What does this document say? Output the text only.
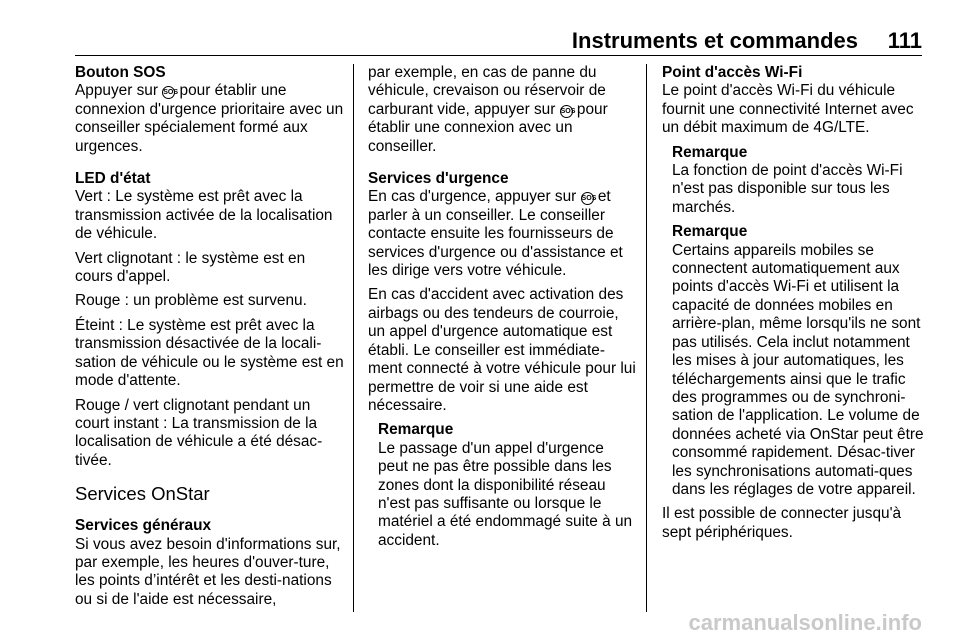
Instruments et commandes 111
Bouton SOS
Appuyer sur SOS pour établir une connexion d'urgence prioritaire avec un conseiller spécialement formé aux urgences.
LED d'état
Vert : Le système est prêt avec la transmission activée de la localisation de véhicule.
Vert clignotant : le système est en cours d'appel.
Rouge : un problème est survenu.
Éteint : Le système est prêt avec la transmission désactivée de la locali-sation de véhicule ou le système est en mode d'attente.
Rouge / vert clignotant pendant un court instant : La transmission de la localisation de véhicule a été désac-tivée.
Services OnStar
Services généraux
Si vous avez besoin d'informations sur, par exemple, les heures d'ouver-ture, les points d’intérêt et les desti-nations ou si de l'aide est nécessaire,
par exemple, en cas de panne du véhicule, crevaison ou réservoir de carburant vide, appuyer sur SOS pour établir une connexion avec un conseiller.
Services d'urgence
En cas d'urgence, appuyer sur SOS et parler à un conseiller. Le conseiller contacte ensuite les fournisseurs de services d'urgence ou d'assistance et les dirige vers votre véhicule.
En cas d'accident avec activation des airbags ou des tendeurs de courroie, un appel d'urgence automatique est établi. Le conseiller est immédiate-ment connecté à votre véhicule pour lui permettre de voir si une aide est nécessaire.
Remarque
Le passage d'un appel d'urgence peut ne pas être possible dans les zones dont la disponibilité réseau n'est pas suffisante ou lorsque le matériel a été endommagé suite à un accident.
Point d'accès Wi-Fi
Le point d'accès Wi-Fi du véhicule fournit une connectivité Internet avec un débit maximum de 4G/LTE.
Remarque
La fonction de point d'accès Wi-Fi n'est pas disponible sur tous les marchés.
Remarque
Certains appareils mobiles se connectent automatiquement aux points d'accès Wi-Fi et utilisent la capacité de données mobiles en arrière-plan, même lorsqu'ils ne sont pas utilisés. Cela inclut notamment les mises à jour automatiques, les téléchargements ainsi que le trafic des programmes ou de synchroni-sation de l'application. Le volume de données acheté via OnStar peut être consommé rapidement. Désac-tiver les synchronisations automati-ques dans les réglages de votre appareil.
Il est possible de connecter jusqu'à sept périphériques.
carmanualsonline.info
